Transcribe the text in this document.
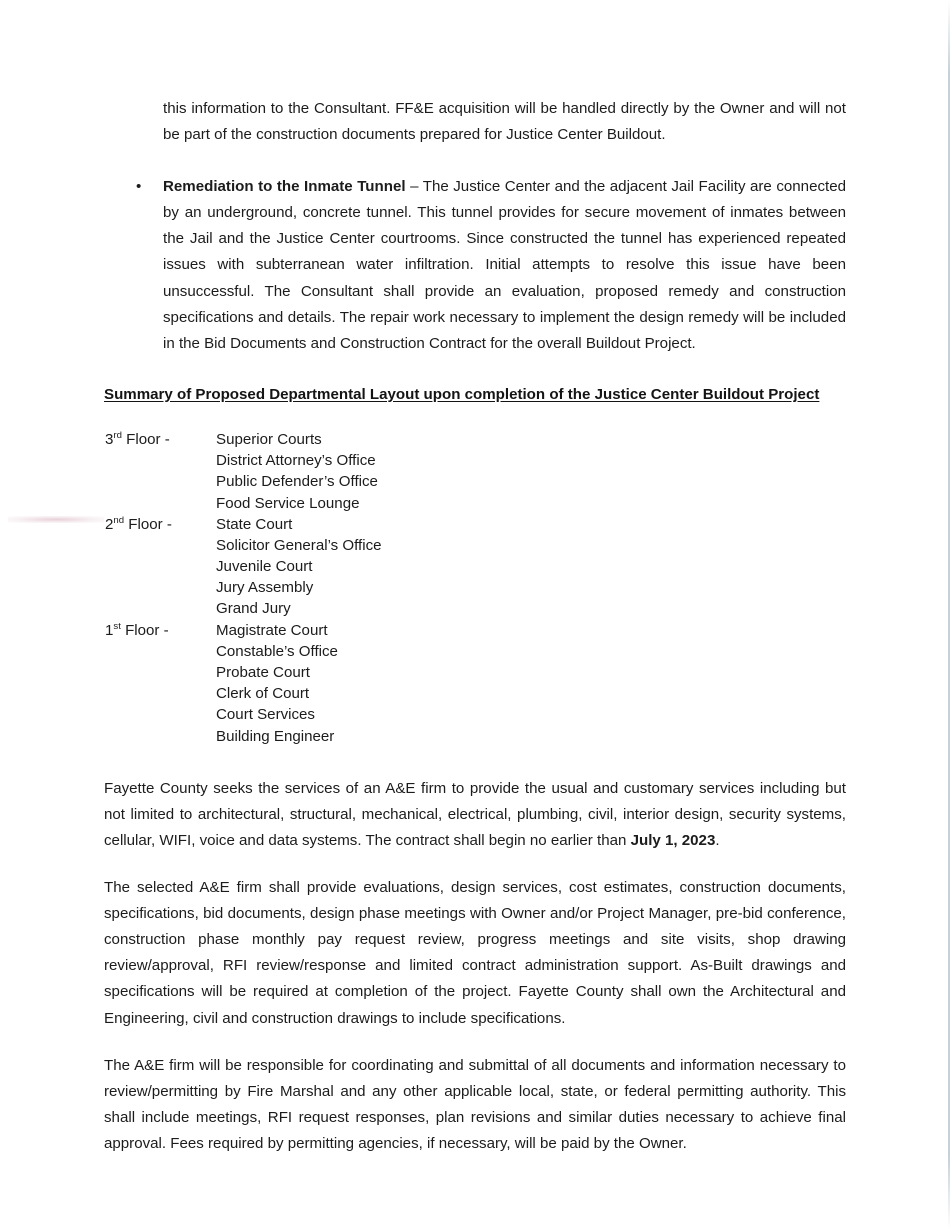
this information to the Consultant. FF&E acquisition will be handled directly by the Owner and will not be part of the construction documents prepared for Justice Center Buildout.

• Remediation to the Inmate Tunnel – The Justice Center and the adjacent Jail Facility are connected by an underground, concrete tunnel. This tunnel provides for secure movement of inmates between the Jail and the Justice Center courtrooms. Since constructed the tunnel has experienced repeated issues with subterranean water infiltration. Initial attempts to resolve this issue have been unsuccessful. The Consultant shall provide an evaluation, proposed remedy and construction specifications and details. The repair work necessary to implement the design remedy will be included in the Bid Documents and Construction Contract for the overall Buildout Project.

Summary of Proposed Departmental Layout upon completion of the Justice Center Buildout Project
3rd Floor -	Superior Courts
District Attorney’s Office
Public Defender’s Office
Food Service Lounge
2nd Floor -	State Court
Solicitor General’s Office
Juvenile Court
Jury Assembly
Grand Jury
1st Floor -	Magistrate Court
Constable’s Office
Probate Court
Clerk of Court
Court Services
Building Engineer

Fayette County seeks the services of an A&E firm to provide the usual and customary services including but not limited to architectural, structural, mechanical, electrical, plumbing, civil, interior design, security systems, cellular, WIFI, voice and data systems. The contract shall begin no earlier than July 1, 2023.

The selected A&E firm shall provide evaluations, design services, cost estimates, construction documents, specifications, bid documents, design phase meetings with Owner and/or Project Manager, pre-bid conference, construction phase monthly pay request review, progress meetings and site visits, shop drawing review/approval, RFI review/response and limited contract administration support. As-Built drawings and specifications will be required at completion of the project. Fayette County shall own the Architectural and Engineering, civil and construction drawings to include specifications.

The A&E firm will be responsible for coordinating and submittal of all documents and information necessary to review/permitting by Fire Marshal and any other applicable local, state, or federal permitting authority. This shall include meetings, RFI request responses, plan revisions and similar duties necessary to achieve final approval. Fees required by permitting agencies, if necessary, will be paid by the Owner.
